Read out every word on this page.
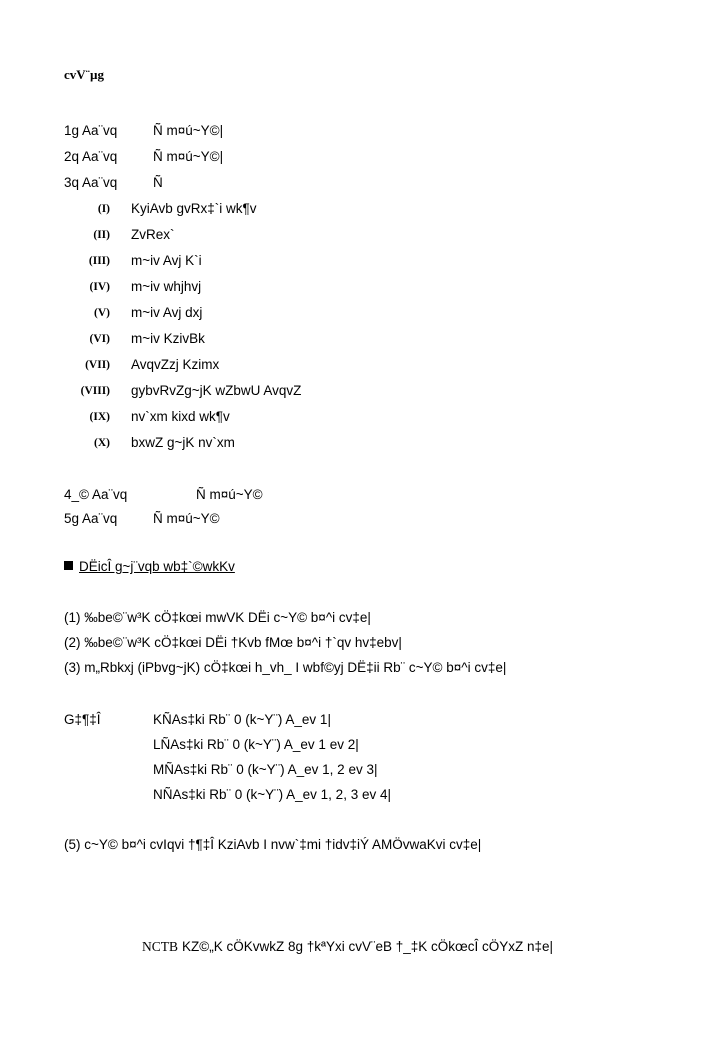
cvV¨µg
1g Aa¨vq	Ñ m¤ú~Y©|
2q Aa¨vq	Ñ m¤ú~Y©|
3q Aa¨vq	Ñ
(I) KyiAvb gvRx‡`i wk¶v
(II) ZvRex`
(III) m~iv Avj K`i
(IV) m~iv whjhvj
(V) m~iv Avj dxj
(VI) m~iv KzivBk
(VII) AvqvZzj Kzimx
(VIII) gybvRvZg~jK wZbwU AvqvZ
(IX) nv`xm kixd wk¶v
(X) bxwZ g~jK nv`xm
4_© Aa¨vq	Ñ m¤ú~Y©
5g Aa¨vq	Ñ m¤ú~Y©
DËicÎ g~j¨vqb wb‡`©wkKv
(1) ‰be©¨w³K cÖ‡kœi mwVK DËi c~Y© b¤^i cv‡e|
(2) ‰be©¨w³K cÖ‡kœi DËi †Kvb fMœ b¤^i †`qv hv‡ebv|
(3) m„Rbkxj (iPbvg~jK) cÖ‡kœi h_vh_ I wbf©yj DË‡ii Rb¨ c~Y© b¤^i cv‡e|
G‡¶‡Î	KÑAs‡ki Rb¨ 0 (k~Y¨) A_ev 1|
LÑAs‡ki Rb¨ 0 (k~Y¨) A_ev 1 ev 2|
MÑAs‡ki Rb¨ 0 (k~Y¨) A_ev 1, 2 ev 3|
NÑAs‡ki Rb¨ 0 (k~Y¨) A_ev 1, 2, 3 ev 4|
(5) c~Y© b¤^i cvIqvi †¶‡Î KziAvb I nvw`‡mi †idv‡iÝ AMÖvwaKvi cv‡e|
NCTB KZ©„K cÖKvwkZ 8g †kªYxi cvV¨eB †_‡K cÖkœcÎ cÖYxZ n‡e|
